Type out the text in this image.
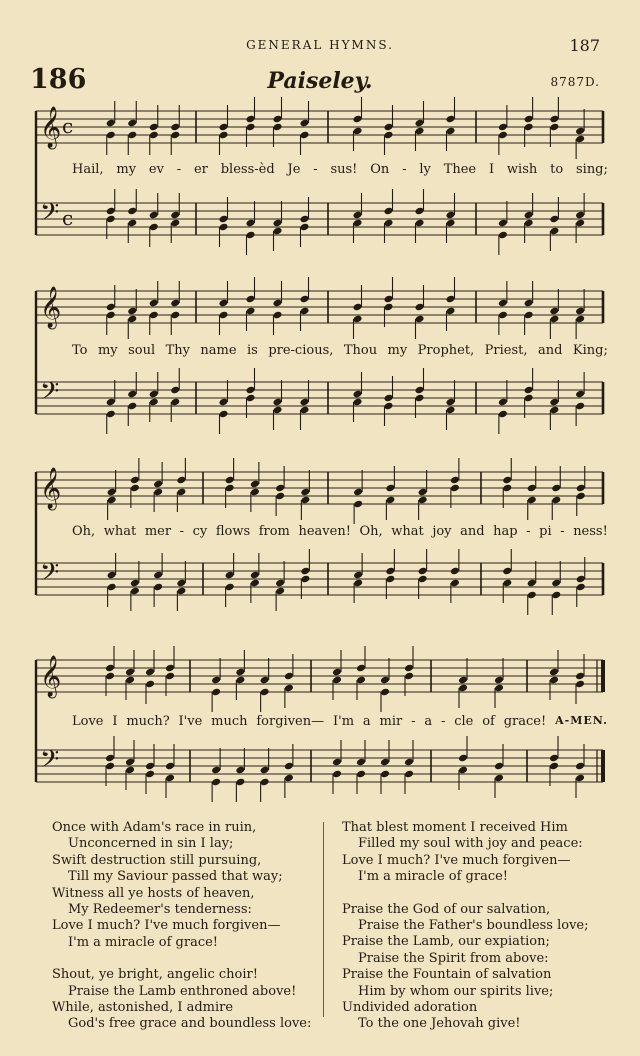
GENERAL HYMNS.	187
186	Paiseley.	8787D.
𝄞 c
𝄢 c
𝄞
𝄢
𝄞
𝄢
𝄞
𝄢
Hail, my ev - er bless-èd Je - sus! On - ly Thee I wish to sing;
To my soul Thy name is pre-cious, Thou my Prophet, Priest, and King;
Oh, what mer - cy flows from heaven! Oh, what joy and hap - pi - ness!
Love I much? I've much forgiven— I'm a mir - a - cle of grace! A-MEN.
Once with Adam's race in ruin,
Unconcerned in sin I lay;
Swift destruction still pursuing,
Till my Saviour passed that way;
Witness all ye hosts of heaven,
My Redeemer's tenderness:
Love I much? I've much forgiven—
I'm a miracle of grace!
Shout, ye bright, angelic choir!
Praise the Lamb enthroned above!
While, astonished, I admire
God's free grace and boundless love:
That blest moment I received Him
Filled my soul with joy and peace:
Love I much? I've much forgiven—
I'm a miracle of grace!
Praise the God of our salvation,
Praise the Father's boundless love;
Praise the Lamb, our expiation;
Praise the Spirit from above:
Praise the Fountain of salvation
Him by whom our spirits live;
Undivided adoration
To the one Jehovah give!
